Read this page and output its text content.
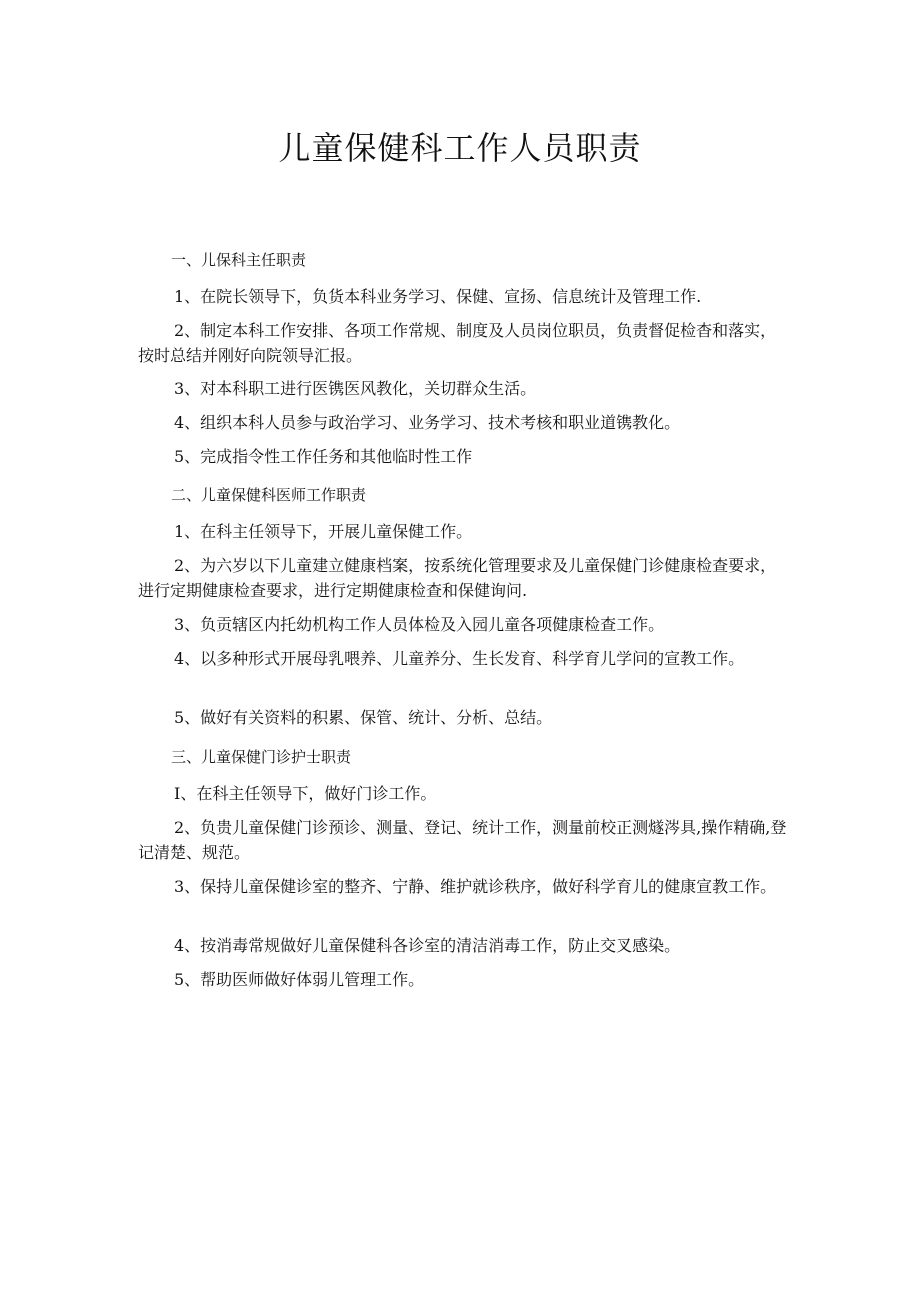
儿童保健科工作人员职责
一、儿保科主任职责

1、在院长领导下，负货本科业务学习、保健、宣扬、信息统计及管理工作.

2、制定本科工作安排、各项工作常规、制度及人员岗位职员，负责督促检杳和落实，按时总结并刚好向院领导汇报。

3、对本科职工进行医镌医风教化，关切群众生活。

4、组织本科人员参与政治学习、业务学习、技术考核和职业道镌教化。

5、完成指令性工作任务和其他临时性工作

二、儿童保健科医师工作职责

1、在科主任领导下，开展儿童保健工作。

2、为六岁以下儿童建立健康档案，按系统化管理要求及儿童保健门诊健康检查要求，进行定期健康检查要求，进行定期健康检查和保健询问.

3、负贡辖区内托幼机构工作人员体检及入园儿童各项健康检查工作。

4、以多种形式开展母乳喂养、儿童养分、生长发育、科学育儿学问的宣教工作。

5、做好有关资料的积累、保管、统计、分析、总结。

三、儿童保健门诊护士职责

I、在科主任领导下，做好门诊工作。

2、负贵儿童保健门诊预诊、测量、登记、统计工作，测量前校正测燧涔具,操作精确,登记清楚、规范。

3、保持儿童保健诊室的整齐、宁静、维护就诊秩序，做好科学育儿的健康宣教工作。

4、按消毒常规做好儿童保健科各诊室的清洁消毒工作，防止交叉感染。

5、帮助医师做好体弱儿管理工作。
